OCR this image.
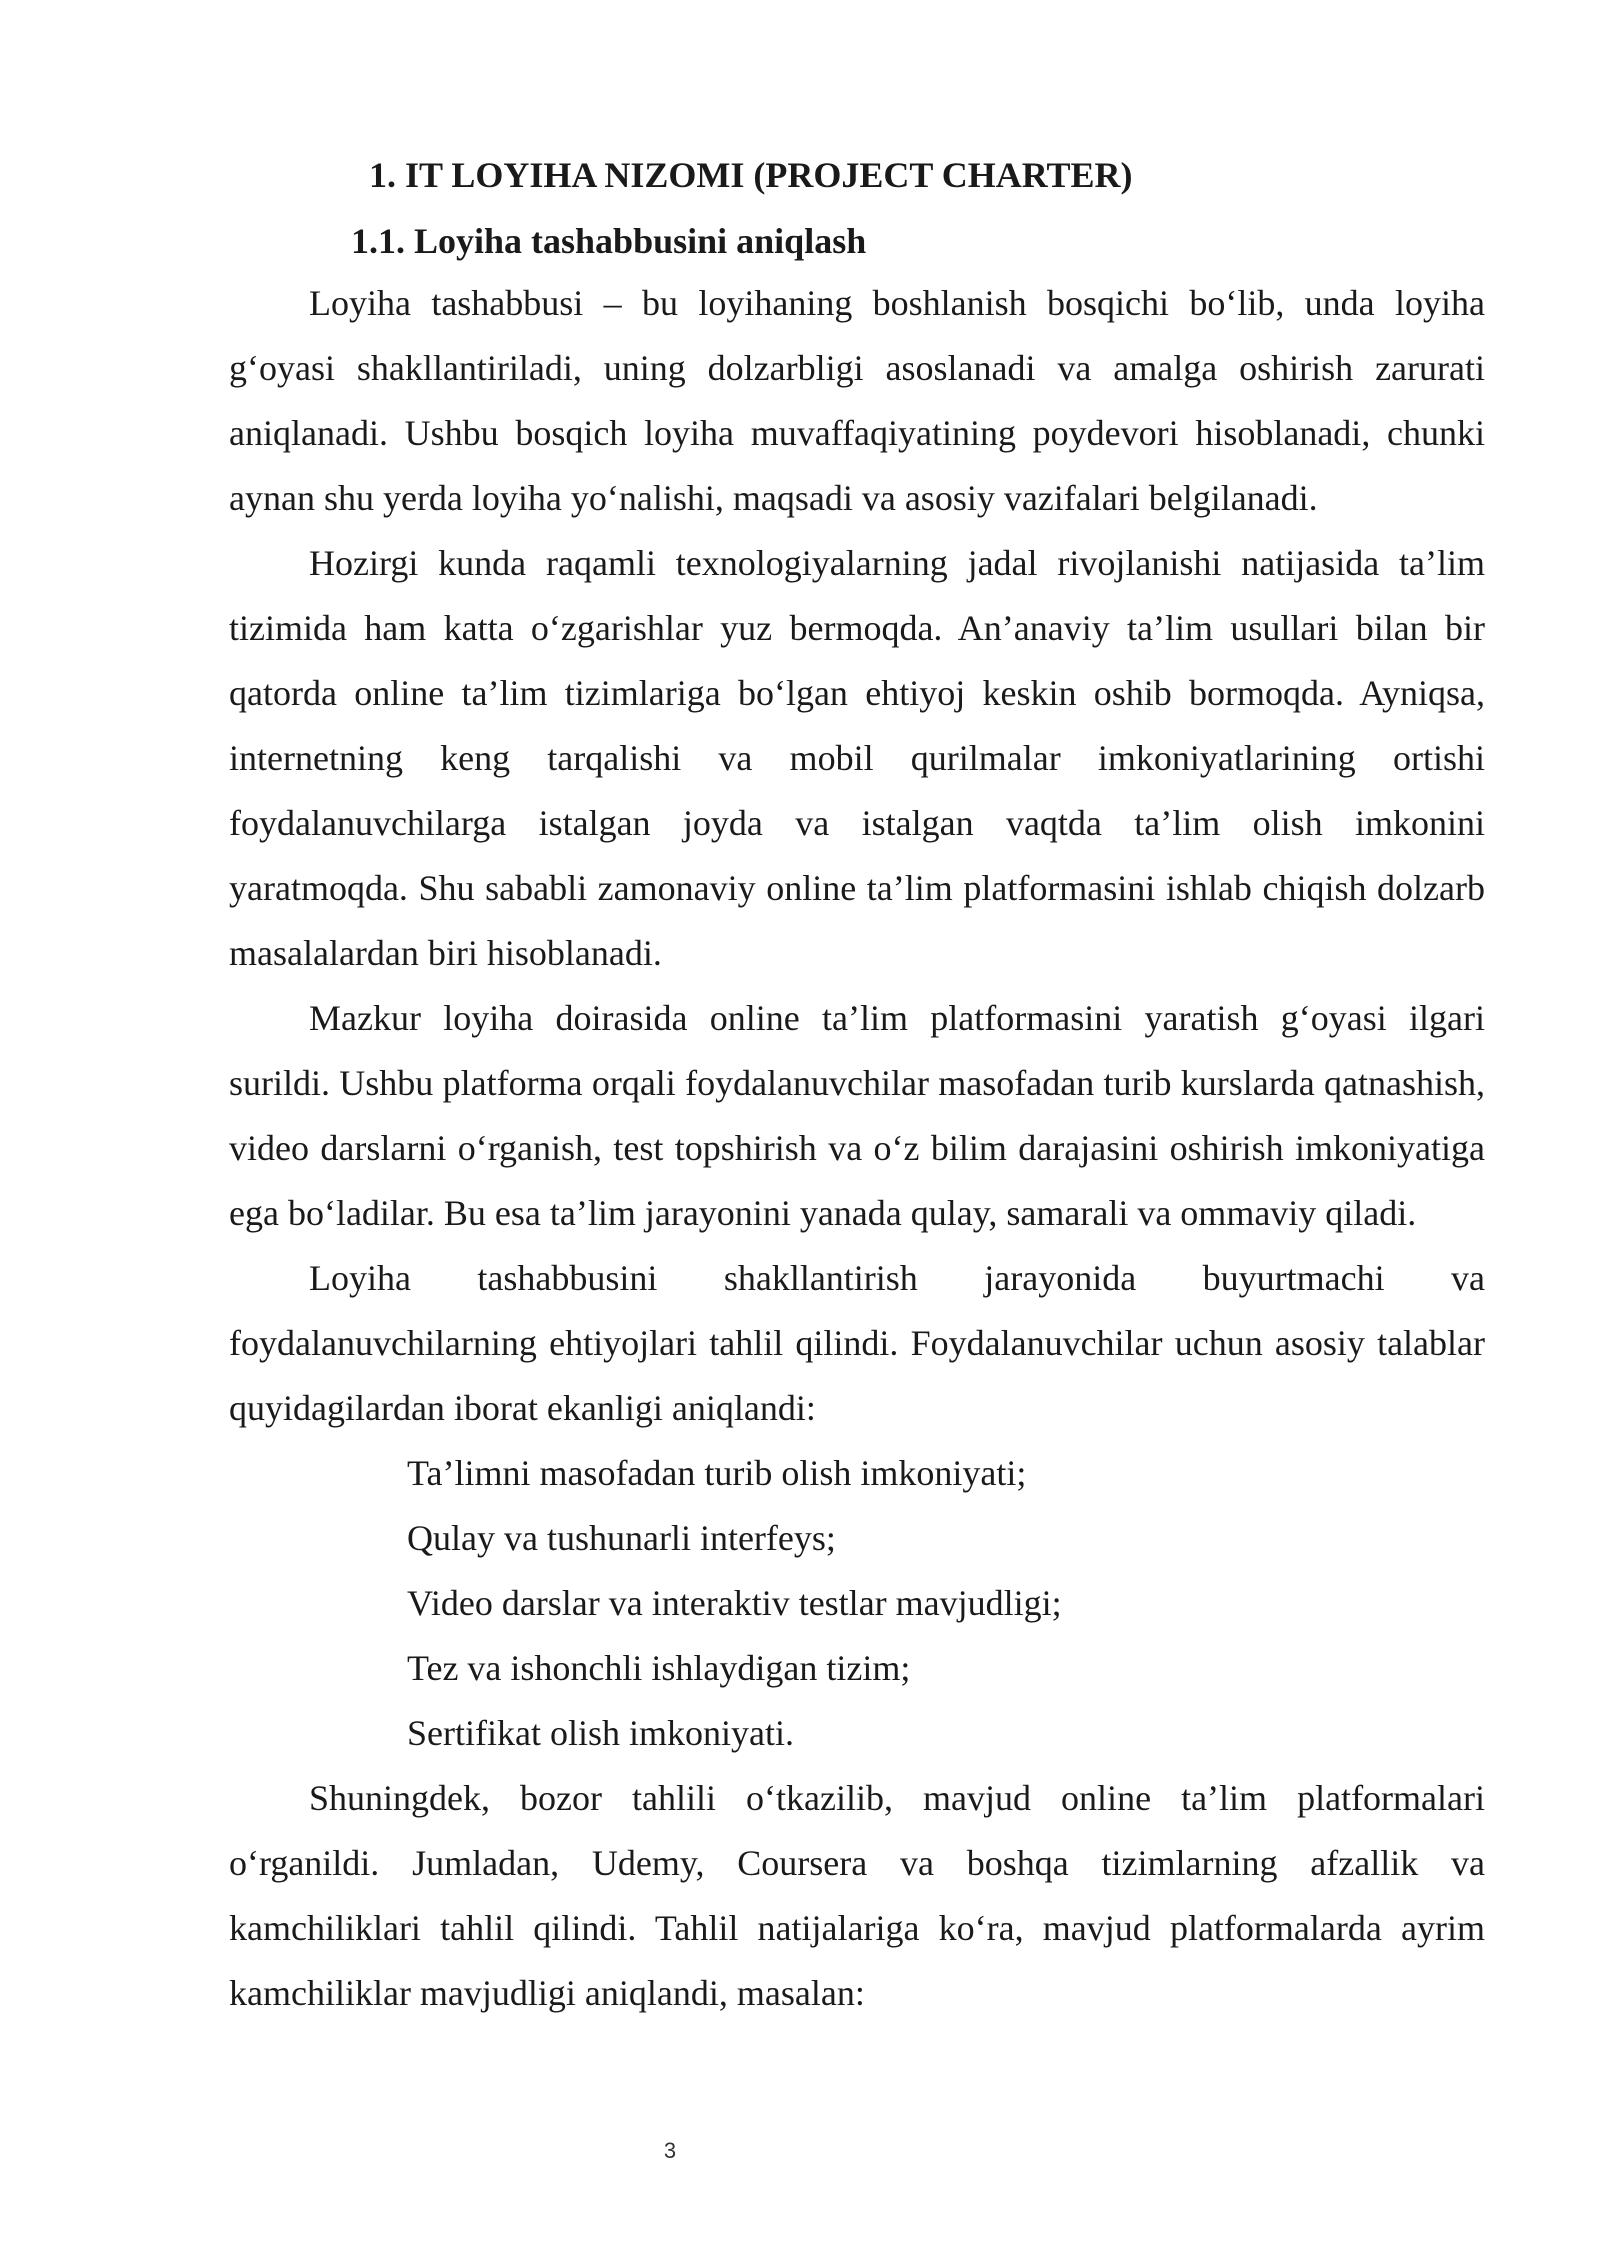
1. IT LOYIHA NIZOMI (PROJECT CHARTER)
1.1. Loyiha tashabbusini aniqlash

Loyiha tashabbusi – bu loyihaning boshlanish bosqichi bo‘lib, unda loyiha g‘oyasi shakllantiriladi, uning dolzarbligi asoslanadi va amalga oshirish zarurati aniqlanadi. Ushbu bosqich loyiha muvaffaqiyatining poydevori hisoblanadi, chunki aynan shu yerda loyiha yo‘nalishi, maqsadi va asosiy vazifalari belgilanadi.

Hozirgi kunda raqamli texnologiyalarning jadal rivojlanishi natijasida ta’lim tizimida ham katta o‘zgarishlar yuz bermoqda. An’anaviy ta’lim usullari bilan bir qatorda online ta’lim tizimlariga bo‘lgan ehtiyoj keskin oshib bormoqda. Ayniqsa, internetning keng tarqalishi va mobil qurilmalar imkoniyatlarining ortishi foydalanuvchilarga istalgan joyda va istalgan vaqtda ta’lim olish imkonini yaratmoqda. Shu sababli zamonaviy online ta’lim platformasini ishlab chiqish dolzarb masalalardan biri hisoblanadi.

Mazkur loyiha doirasida online ta’lim platformasini yaratish g‘oyasi ilgari surildi. Ushbu platforma orqali foydalanuvchilar masofadan turib kurslarda qatnashish, video darslarni o‘rganish, test topshirish va o‘z bilim darajasini oshirish imkoniyatiga ega bo‘ladilar. Bu esa ta’lim jarayonini yanada qulay, samarali va ommaviy qiladi.

Loyiha tashabbusini shakllantirish jarayonida buyurtmachi va foydalanuvchilarning ehtiyojlari tahlil qilindi. Foydalanuvchilar uchun asosiy talablar quyidagilardan iborat ekanligi aniqlandi:

Ta’limni masofadan turib olish imkoniyati;
Qulay va tushunarli interfeys;
Video darslar va interaktiv testlar mavjudligi;
Tez va ishonchli ishlaydigan tizim;
Sertifikat olish imkoniyati.

Shuningdek, bozor tahlili o‘tkazilib, mavjud online ta’lim platformalari o‘rganildi. Jumladan, Udemy, Coursera va boshqa tizimlarning afzallik va kamchiliklari tahlil qilindi. Tahlil natijalariga ko‘ra, mavjud platformalarda ayrim kamchiliklar mavjudligi aniqlandi, masalan:

3
